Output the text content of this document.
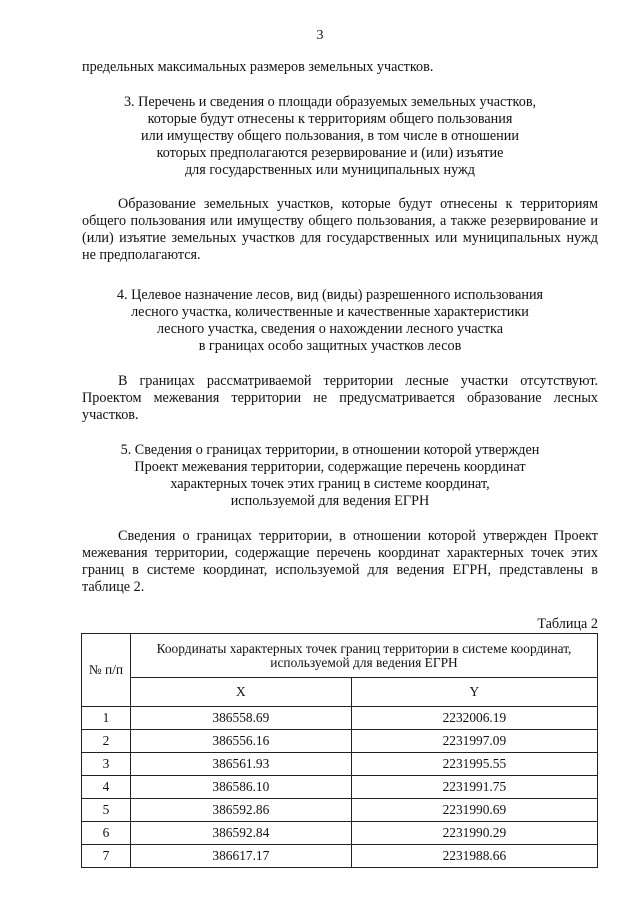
3
предельных максимальных размеров земельных участков.
3. Перечень и сведения о площади образуемых земельных участков,
которые будут отнесены к территориям общего пользования
или имуществу общего пользования, в том числе в отношении
которых предполагаются резервирование и (или) изъятие
для государственных или муниципальных нужд
Образование земельных участков, которые будут отнесены к территориям общего пользования или имуществу общего пользования, а также резервирование и (или) изъятие земельных участков для государственных или муниципальных нужд не предполагаются.
4. Целевое назначение лесов, вид (виды) разрешенного использования
лесного участка, количественные и качественные характеристики
лесного участка, сведения о нахождении лесного участка
в границах особо защитных участков лесов
В границах рассматриваемой территории лесные участки отсутствуют. Проектом межевания территории не предусматривается образование лесных участков.
5. Сведения о границах территории, в отношении которой утвержден
Проект межевания территории, содержащие перечень координат
характерных точек этих границ в системе координат,
используемой для ведения ЕГРН
Сведения о границах территории, в отношении которой утвержден Проект межевания территории, содержащие перечень координат характерных точек этих границ в системе координат, используемой для ведения ЕГРН, представлены в таблице 2.
Таблица 2
№ п/п	Координаты характерных точек границ территории в системе координат, используемой для ведения ЕГРН	
	X	Y
1	386558.69	2232006.19
2	386556.16	2231997.09
3	386561.93	2231995.55
4	386586.10	2231991.75
5	386592.86	2231990.69
6	386592.84	2231990.29
7	386617.17	2231988.66
